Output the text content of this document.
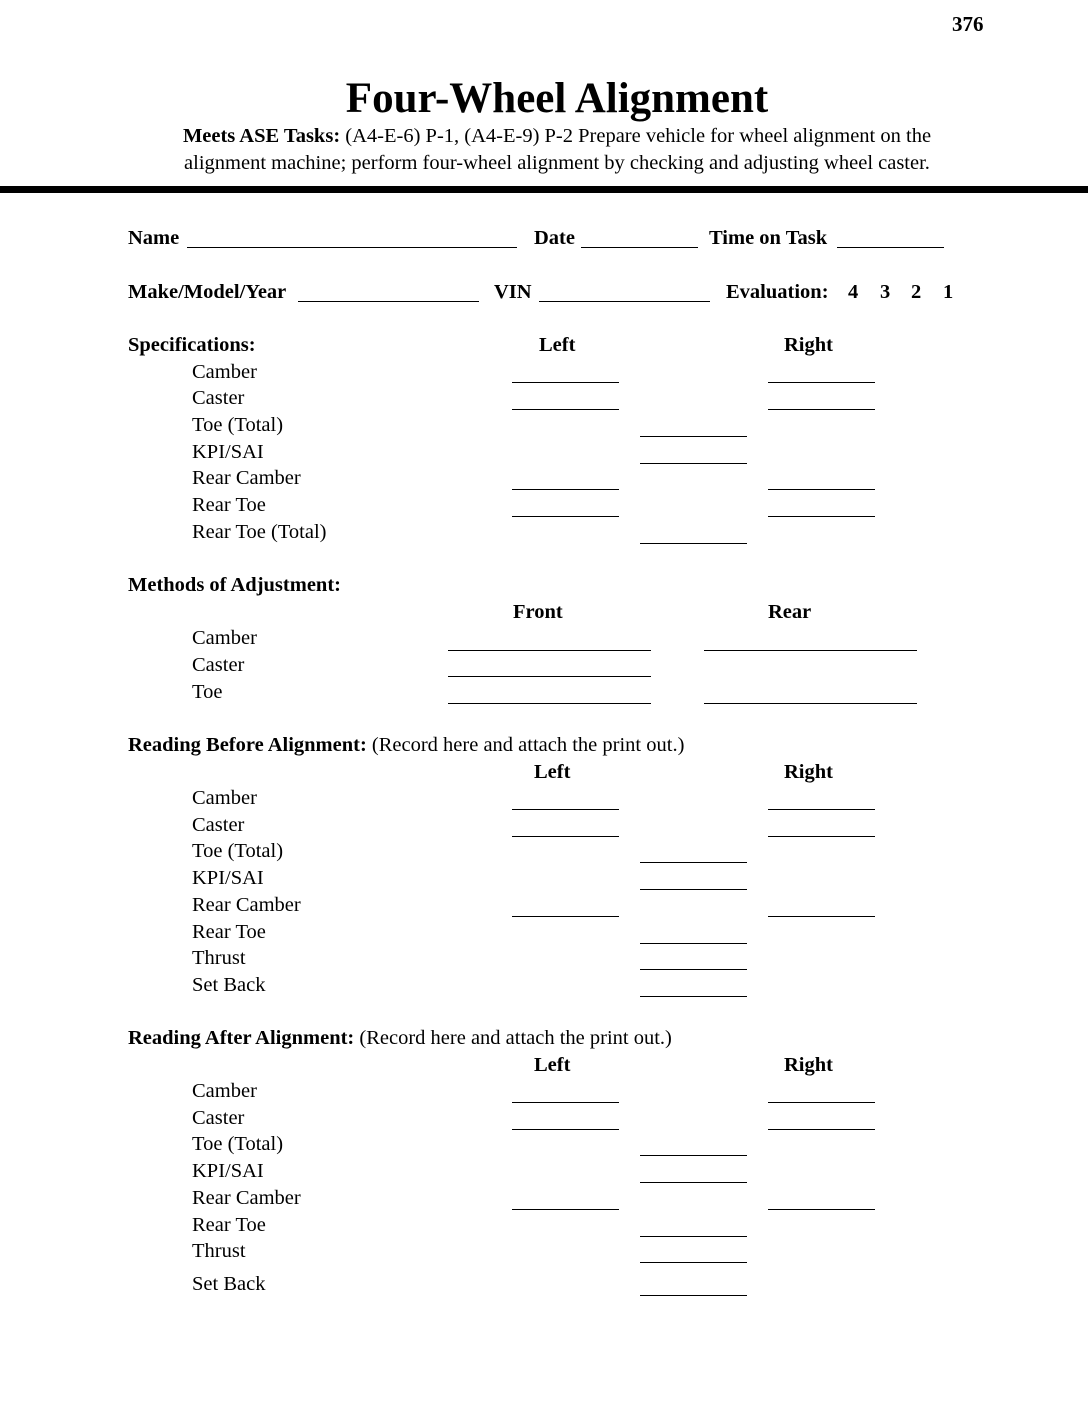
376
Four-Wheel Alignment
Meets ASE Tasks: (A4-E-6) P-1, (A4-E-9) P-2 Prepare vehicle for wheel alignment on the
alignment machine; perform four-wheel alignment by checking and adjusting wheel caster.
Name	Date	Time on Task
Make/Model/Year	VIN	Evaluation: 4 3 2 1
Specifications:	Left	Right
Camber
Caster
Toe (Total)
KPI/SAI
Rear Camber
Rear Toe
Rear Toe (Total)
Methods of Adjustment:
Front	Rear
Camber
Caster
Toe
Reading Before Alignment: (Record here and attach the print out.)
Left	Right
Camber
Caster
Toe (Total)
KPI/SAI
Rear Camber
Rear Toe
Thrust
Set Back
Reading After Alignment: (Record here and attach the print out.)
Left	Right
Camber
Caster
Toe (Total)
KPI/SAI
Rear Camber
Rear Toe
Thrust
Set Back
